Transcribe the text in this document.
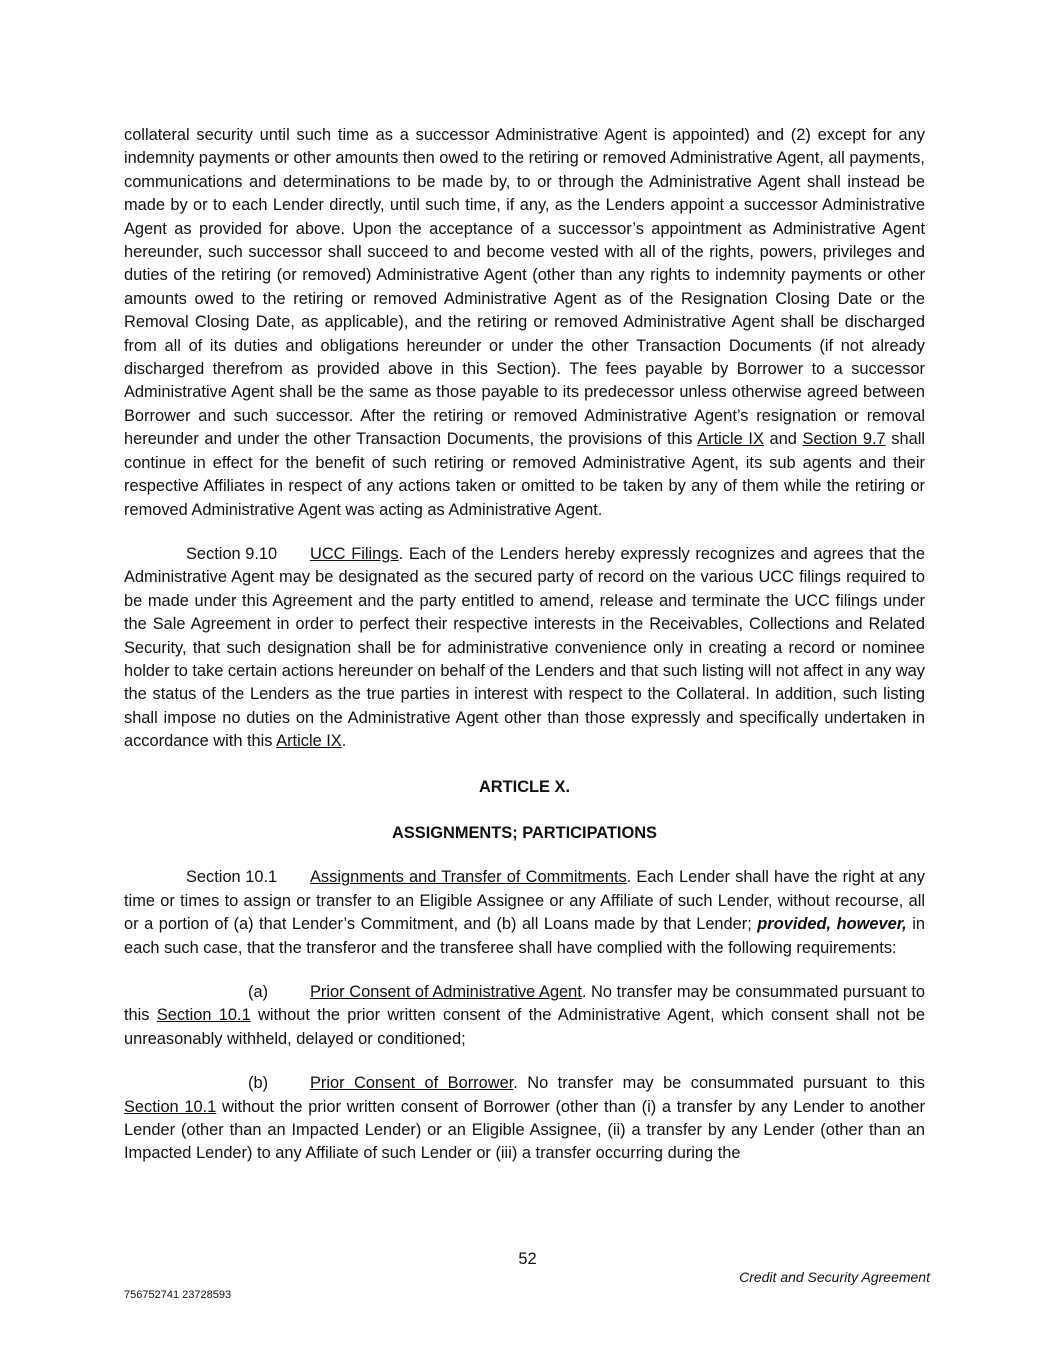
collateral security until such time as a successor Administrative Agent is appointed) and (2) except for any indemnity payments or other amounts then owed to the retiring or removed Administrative Agent, all payments, communications and determinations to be made by, to or through the Administrative Agent shall instead be made by or to each Lender directly, until such time, if any, as the Lenders appoint a successor Administrative Agent as provided for above. Upon the acceptance of a successor’s appointment as Administrative Agent hereunder, such successor shall succeed to and become vested with all of the rights, powers, privileges and duties of the retiring (or removed) Administrative Agent (other than any rights to indemnity payments or other amounts owed to the retiring or removed Administrative Agent as of the Resignation Closing Date or the Removal Closing Date, as applicable), and the retiring or removed Administrative Agent shall be discharged from all of its duties and obligations hereunder or under the other Transaction Documents (if not already discharged therefrom as provided above in this Section). The fees payable by Borrower to a successor Administrative Agent shall be the same as those payable to its predecessor unless otherwise agreed between Borrower and such successor. After the retiring or removed Administrative Agent’s resignation or removal hereunder and under the other Transaction Documents, the provisions of this Article IX and Section 9.7 shall continue in effect for the benefit of such retiring or removed Administrative Agent, its sub agents and their respective Affiliates in respect of any actions taken or omitted to be taken by any of them while the retiring or removed Administrative Agent was acting as Administrative Agent.

Section 9.10 UCC Filings. Each of the Lenders hereby expressly recognizes and agrees that the Administrative Agent may be designated as the secured party of record on the various UCC filings required to be made under this Agreement and the party entitled to amend, release and terminate the UCC filings under the Sale Agreement in order to perfect their respective interests in the Receivables, Collections and Related Security, that such designation shall be for administrative convenience only in creating a record or nominee holder to take certain actions hereunder on behalf of the Lenders and that such listing will not affect in any way the status of the Lenders as the true parties in interest with respect to the Collateral. In addition, such listing shall impose no duties on the Administrative Agent other than those expressly and specifically undertaken in accordance with this Article IX.

ARTICLE X.

ASSIGNMENTS; PARTICIPATIONS

Section 10.1 Assignments and Transfer of Commitments. Each Lender shall have the right at any time or times to assign or transfer to an Eligible Assignee or any Affiliate of such Lender, without recourse, all or a portion of (a) that Lender’s Commitment, and (b) all Loans made by that Lender; provided, however, in each such case, that the transferor and the transferee shall have complied with the following requirements:

(a)	Prior Consent of Administrative Agent. No transfer may be consummated pursuant to this Section 10.1 without the prior written consent of the Administrative Agent, which consent shall not be unreasonably withheld, delayed or conditioned;

(b)	Prior Consent of Borrower. No transfer may be consummated pursuant to this Section 10.1 without the prior written consent of Borrower (other than (i) a transfer by any Lender to another Lender (other than an Impacted Lender) or an Eligible Assignee, (ii) a transfer by any Lender (other than an Impacted Lender) to any Affiliate of such Lender or (iii) a transfer occurring during the

52
Credit and Security Agreement
756752741 23728593
